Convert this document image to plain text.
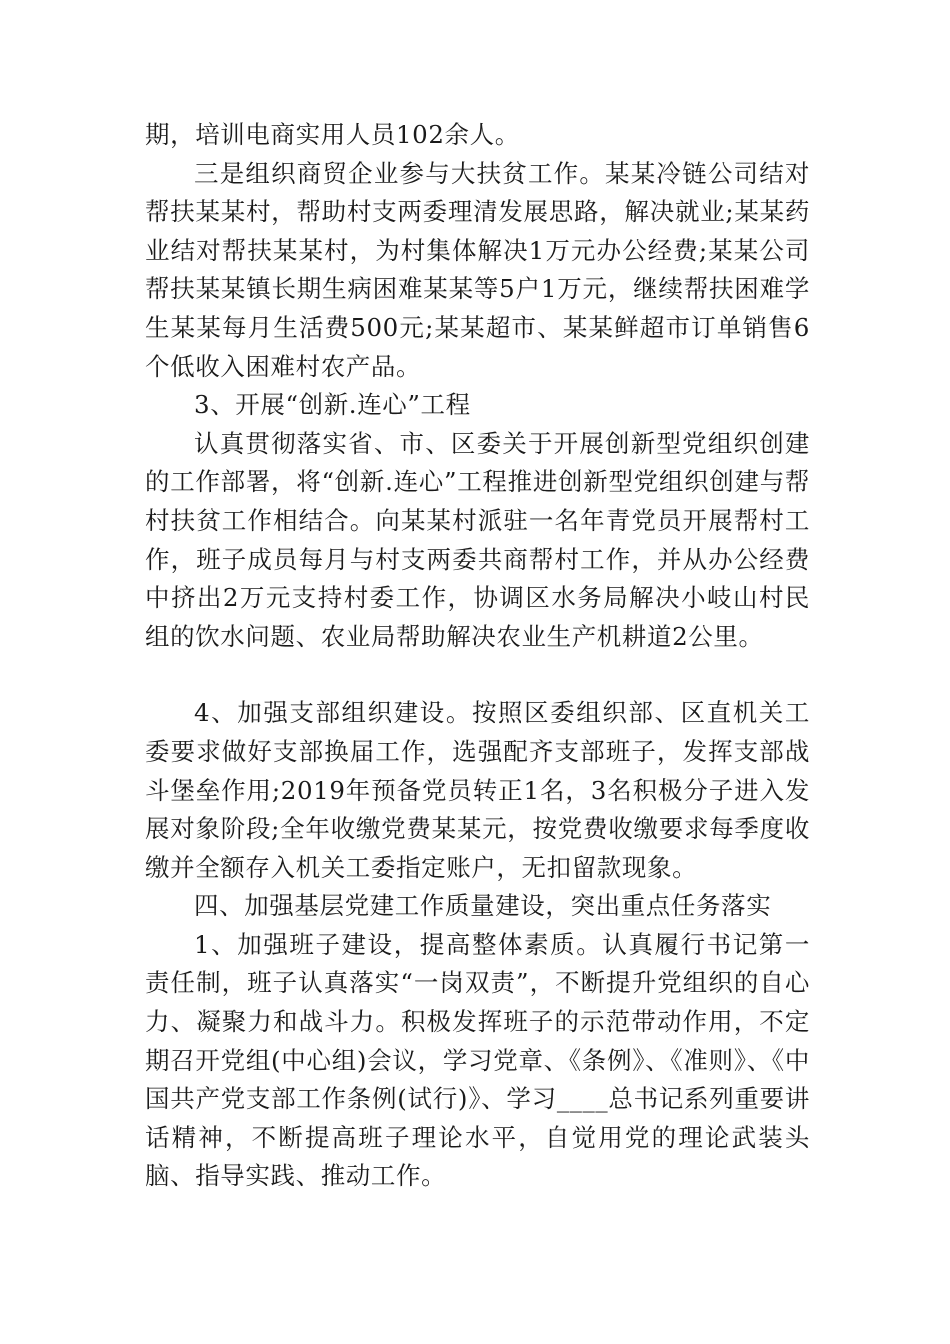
期，培训电商实用人员102余人。

三是组织商贸企业参与大扶贫工作。某某冷链公司结对帮扶某某村，帮助村支两委理清发展思路，解决就业;某某药业结对帮扶某某村，为村集体解决1万元办公经费;某某公司帮扶某某镇长期生病困难某某等5户1万元，继续帮扶困难学生某某每月生活费500元;某某超市、某某鲜超市订单销售6个低收入困难村农产品。

3、开展“创新.连心”工程

认真贯彻落实省、市、区委关于开展创新型党组织创建的工作部署，将“创新.连心”工程推进创新型党组织创建与帮村扶贫工作相结合。向某某村派驻一名年青党员开展帮村工作，班子成员每月与村支两委共商帮村工作，并从办公经费中挤出2万元支持村委工作，协调区水务局解决小岐山村民组的饮水问题、农业局帮助解决农业生产机耕道2公里。

4、加强支部组织建设。按照区委组织部、区直机关工委要求做好支部换届工作，选强配齐支部班子，发挥支部战斗堡垒作用;2019年预备党员转正1名，3名积极分子进入发展对象阶段;全年收缴党费某某元，按党费收缴要求每季度收缴并全额存入机关工委指定账户，无扣留款现象。

四、加强基层党建工作质量建设，突出重点任务落实

1、加强班子建设，提高整体素质。认真履行书记第一责任制，班子认真落实“一岗双责”，不断提升党组织的自心力、凝聚力和战斗力。积极发挥班子的示范带动作用，不定期召开党组(中心组)会议，学习党章、《条例》、《准则》、《中国共产党支部工作条例(试行)》、学习____总书记系列重要讲话精神，不断提高班子理论水平，自觉用党的理论武装头脑、指导实践、推动工作。
